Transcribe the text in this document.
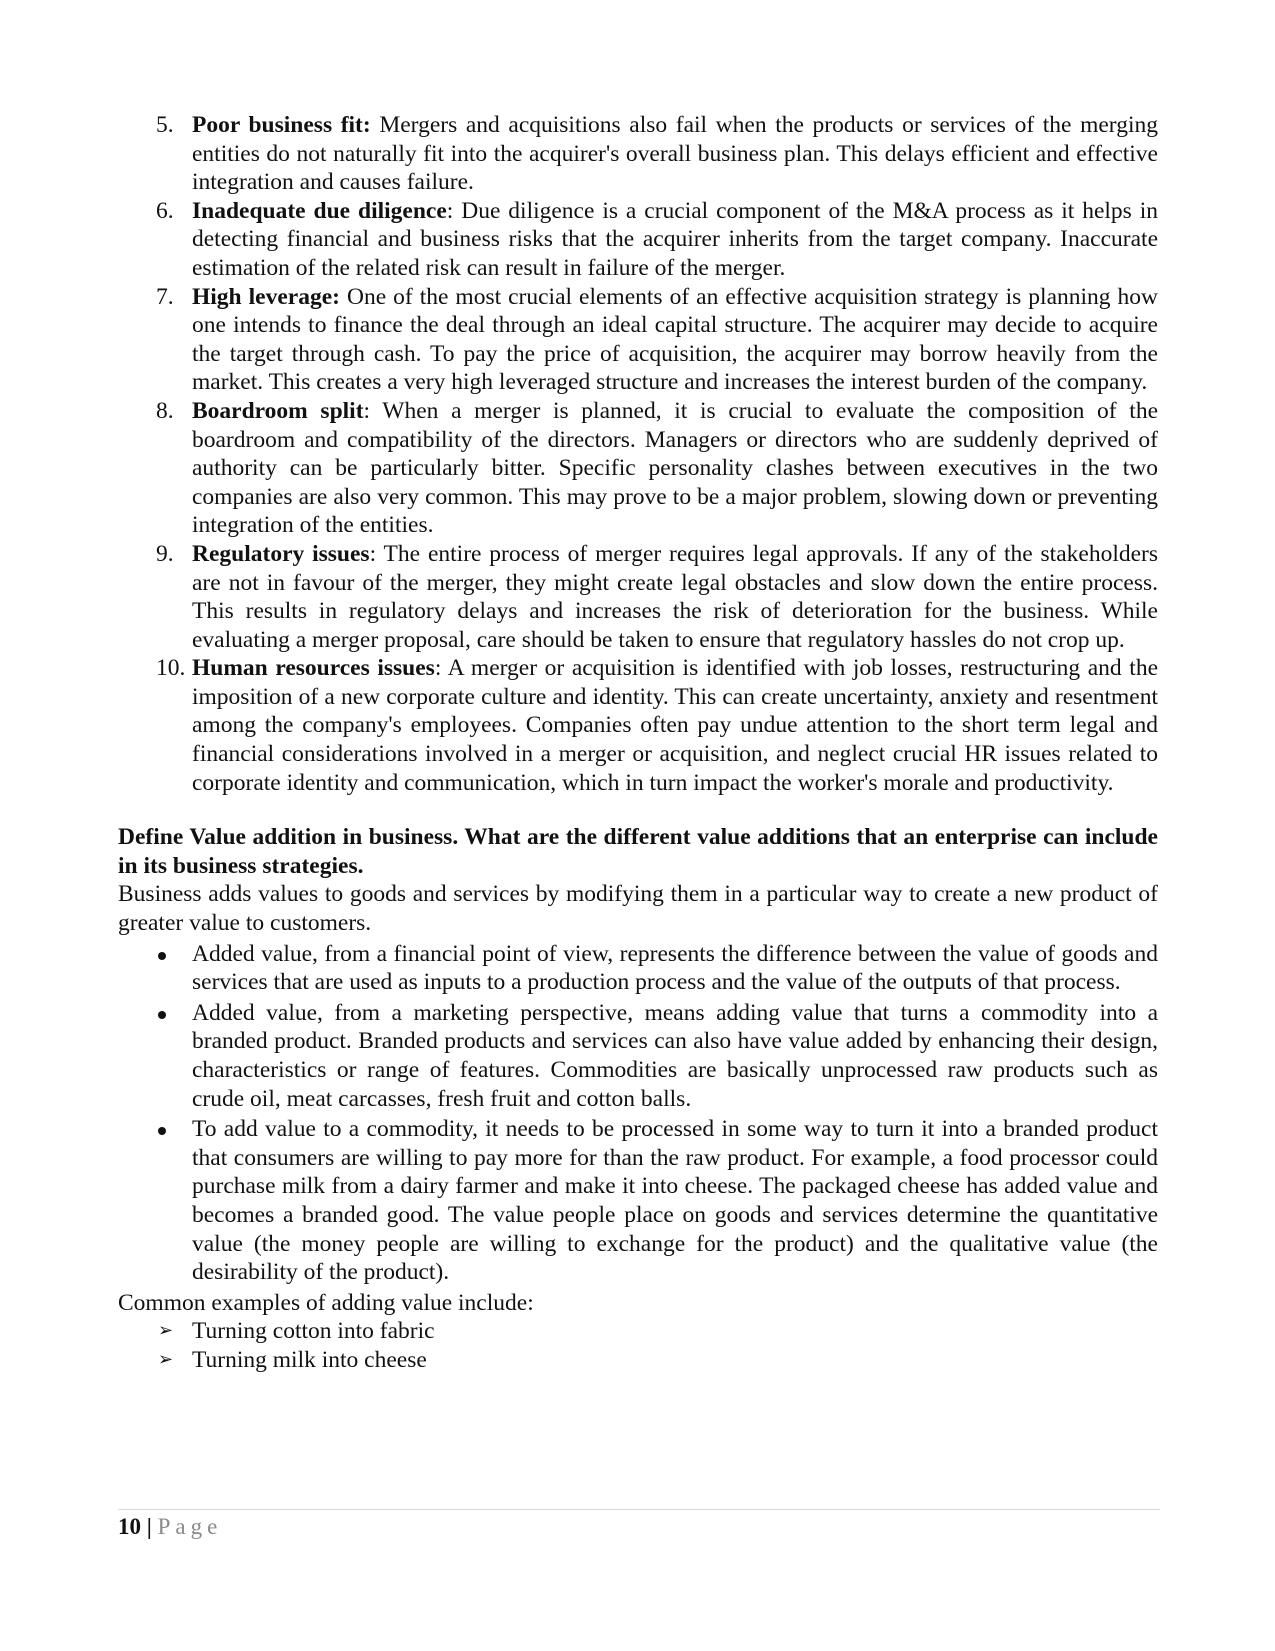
5. Poor business fit: Mergers and acquisitions also fail when the products or services of the merging entities do not naturally fit into the acquirer's overall business plan. This delays efficient and effective integration and causes failure.
6. Inadequate due diligence: Due diligence is a crucial component of the M&A process as it helps in detecting financial and business risks that the acquirer inherits from the target company. Inaccurate estimation of the related risk can result in failure of the merger.
7. High leverage: One of the most crucial elements of an effective acquisition strategy is planning how one intends to finance the deal through an ideal capital structure. The acquirer may decide to acquire the target through cash. To pay the price of acquisition, the acquirer may borrow heavily from the market. This creates a very high leveraged structure and increases the interest burden of the company.
8. Boardroom split: When a merger is planned, it is crucial to evaluate the composition of the boardroom and compatibility of the directors. Managers or directors who are suddenly deprived of authority can be particularly bitter. Specific personality clashes between executives in the two companies are also very common. This may prove to be a major problem, slowing down or preventing integration of the entities.
9. Regulatory issues: The entire process of merger requires legal approvals. If any of the stakeholders are not in favour of the merger, they might create legal obstacles and slow down the entire process. This results in regulatory delays and increases the risk of deterioration for the business. While evaluating a merger proposal, care should be taken to ensure that regulatory hassles do not crop up.
10. Human resources issues: A merger or acquisition is identified with job losses, restructuring and the imposition of a new corporate culture and identity. This can create uncertainty, anxiety and resentment among the company's employees. Companies often pay undue attention to the short term legal and financial considerations involved in a merger or acquisition, and neglect crucial HR issues related to corporate identity and communication, which in turn impact the worker's morale and productivity.
Define Value addition in business. What are the different value additions that an enterprise can include in its business strategies.
Business adds values to goods and services by modifying them in a particular way to create a new product of greater value to customers.
Added value, from a financial point of view, represents the difference between the value of goods and services that are used as inputs to a production process and the value of the outputs of that process.
Added value, from a marketing perspective, means adding value that turns a commodity into a branded product. Branded products and services can also have value added by enhancing their design, characteristics or range of features. Commodities are basically unprocessed raw products such as crude oil, meat carcasses, fresh fruit and cotton balls.
To add value to a commodity, it needs to be processed in some way to turn it into a branded product that consumers are willing to pay more for than the raw product. For example, a food processor could purchase milk from a dairy farmer and make it into cheese. The packaged cheese has added value and becomes a branded good. The value people place on goods and services determine the quantitative value (the money people are willing to exchange for the product) and the qualitative value (the desirability of the product).
Common examples of adding value include:
➢ Turning cotton into fabric
➢ Turning milk into cheese
10 | Page
